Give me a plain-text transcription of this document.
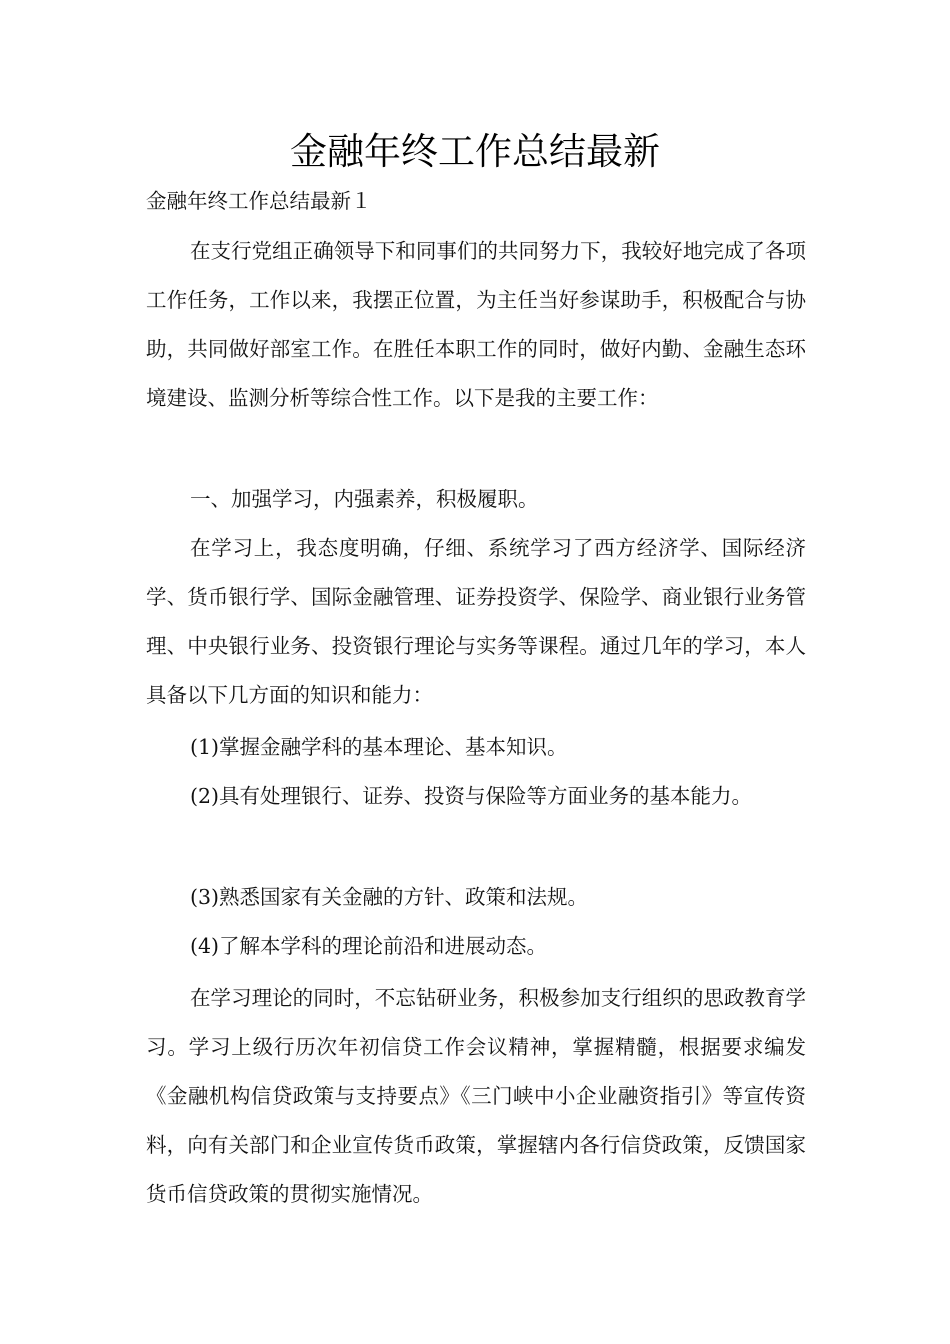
金融年终工作总结最新
金融年终工作总结最新１
在支行党组正确领导下和同事们的共同努力下，我较好地完成了各项工作任务，工作以来，我摆正位置，为主任当好参谋助手，积极配合与协助，共同做好部室工作。在胜任本职工作的同时，做好内勤、金融生态环境建设、监测分析等综合性工作。以下是我的主要工作：
一、加强学习，内强素养，积极履职。
在学习上，我态度明确，仔细、系统学习了西方经济学、国际经济学、货币银行学、国际金融管理、证券投资学、保险学、商业银行业务管理、中央银行业务、投资银行理论与实务等课程。通过几年的学习，本人具备以下几方面的知识和能力：
(1)掌握金融学科的基本理论、基本知识。
(2)具有处理银行、证券、投资与保险等方面业务的基本能力。
(3)熟悉国家有关金融的方针、政策和法规。
(4)了解本学科的理论前沿和进展动态。
在学习理论的同时，不忘钻研业务，积极参加支行组织的思政教育学习。学习上级行历次年初信贷工作会议精神，掌握精髓，根据要求编发《金融机构信贷政策与支持要点》《三门峡中小企业融资指引》等宣传资料，向有关部门和企业宣传货币政策，掌握辖内各行信贷政策，反馈国家货币信贷政策的贯彻实施情况。
